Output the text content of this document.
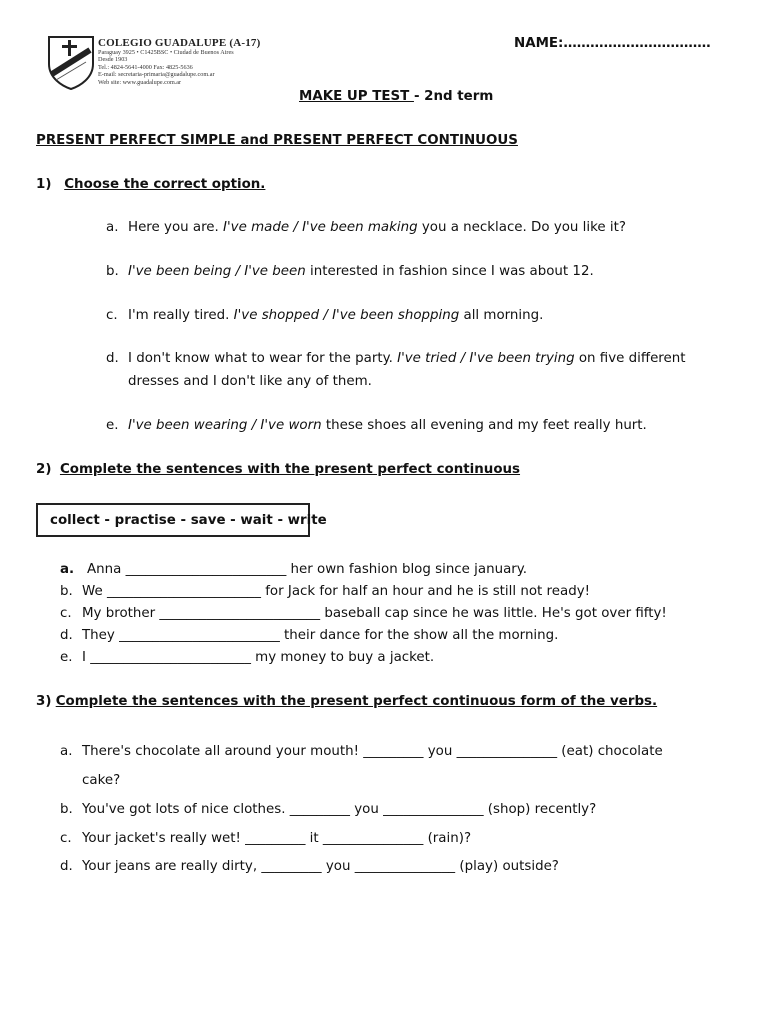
COLEGIO GUADALUPE (A-17)
Paraguay 3925 • C1425BSC • Ciudad de Buenos Aires
Desde 1903
Tel.: 4824-5641-4000 Fax: 4825-5636
E-mail: secretaria-primaria@guadalupe.com.ar
Web site: www.guadalupe.com.ar
NAME:……………………………
MAKE UP TEST - 2nd term
PRESENT PERFECT SIMPLE and PRESENT PERFECT CONTINUOUS
1) Choose the correct option.
a. Here you are. I've made / I've been making you a necklace. Do you like it?
b. I've been being / I've been interested in fashion since I was about 12.
c. I'm really tired. I've shopped / I've been shopping all morning.
d. I don't know what to wear for the party. I've tried / I've been trying on five different
dresses and I don't like any of them.
e. I've been wearing / I've worn these shoes all evening and my feet really hurt.
2) Complete the sentences with the present perfect continuous
collect - practise - save - wait - write
a. Anna ________________________ her own fashion blog since january.
b. We _______________________ for Jack for half an hour and he is still not ready!
c. My brother ________________________ baseball cap since he was little. He's got over fifty!
d. They ________________________ their dance for the show all the morning.
e. I ________________________ my money to buy a jacket.
3) Complete the sentences with the present perfect continuous form of the verbs.
a. There's chocolate all around your mouth! _________ you _______________ (eat) chocolate
cake?
b. You've got lots of nice clothes. _________ you _______________ (shop) recently?
c. Your jacket's really wet! _________ it _______________ (rain)?
d. Your jeans are really dirty, _________ you _______________ (play) outside?
